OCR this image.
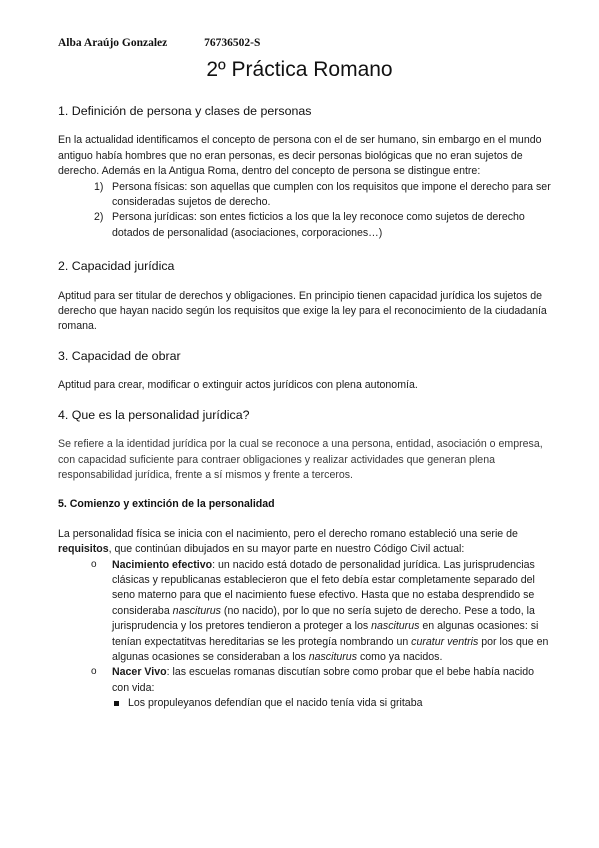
Alba Araújo Gonzalez	76736502-S
2º Práctica Romano
1. Definición de persona y clases de personas

En la actualidad identificamos el concepto de persona con el de ser humano, sin embargo en el mundo antiguo había hombres que no eran personas, es decir personas biológicas que no eran sujetos de derecho. Además en la Antigua Roma, dentro del concepto de persona se distingue entre:

1) Persona físicas: son aquellas que cumplen con los requisitos que impone el derecho para ser consideradas sujetos de derecho.
2) Persona jurídicas: son entes ficticios a los que la ley reconoce como sujetos de derecho dotados de personalidad (asociaciones, corporaciones…)
2. Capacidad jurídica

Aptitud para ser titular de derechos y obligaciones. En principio tienen capacidad jurídica los sujetos de derecho que hayan nacido según los requisitos que exige la ley para el reconocimiento de la ciudadanía romana.

3. Capacidad de obrar

Aptitud para crear, modificar o extinguir actos jurídicos con plena autonomía.

4. Que es la personalidad jurídica?

Se refiere a la identidad jurídica por la cual se reconoce a una persona, entidad, asociación o empresa, con capacidad suficiente para contraer obligaciones y realizar actividades que generan plena responsabilidad jurídica, frente a sí mismos y frente a terceros.

5. Comienzo y extinción de la personalidad

La personalidad física se inicia con el nacimiento, pero el derecho romano estableció una serie de requisitos, que continúan dibujados en su mayor parte en nuestro Código Civil actual:

o Nacimiento efectivo: un nacido está dotado de personalidad jurídica. Las jurisprudencias clásicas y republicanas establecieron que el feto debía estar completamente separado del seno materno para que el nacimiento fuese efectivo. Hasta que no estaba desprendido se consideraba nasciturus (no nacido), por lo que no sería sujeto de derecho. Pese a todo, la jurisprudencia y los pretores tendieron a proteger a los nasciturus en algunas ocasiones: si tenían expectatitvas hereditarias se les protegía nombrando un curatur ventris por los que en algunas ocasiones se consideraban a los nasciturus como ya nacidos.
o Nacer Vivo: las escuelas romanas discutían sobre como probar que el bebe había nacido con vida:
Los propuleyanos defendían que el nacido tenía vida si gritaba
